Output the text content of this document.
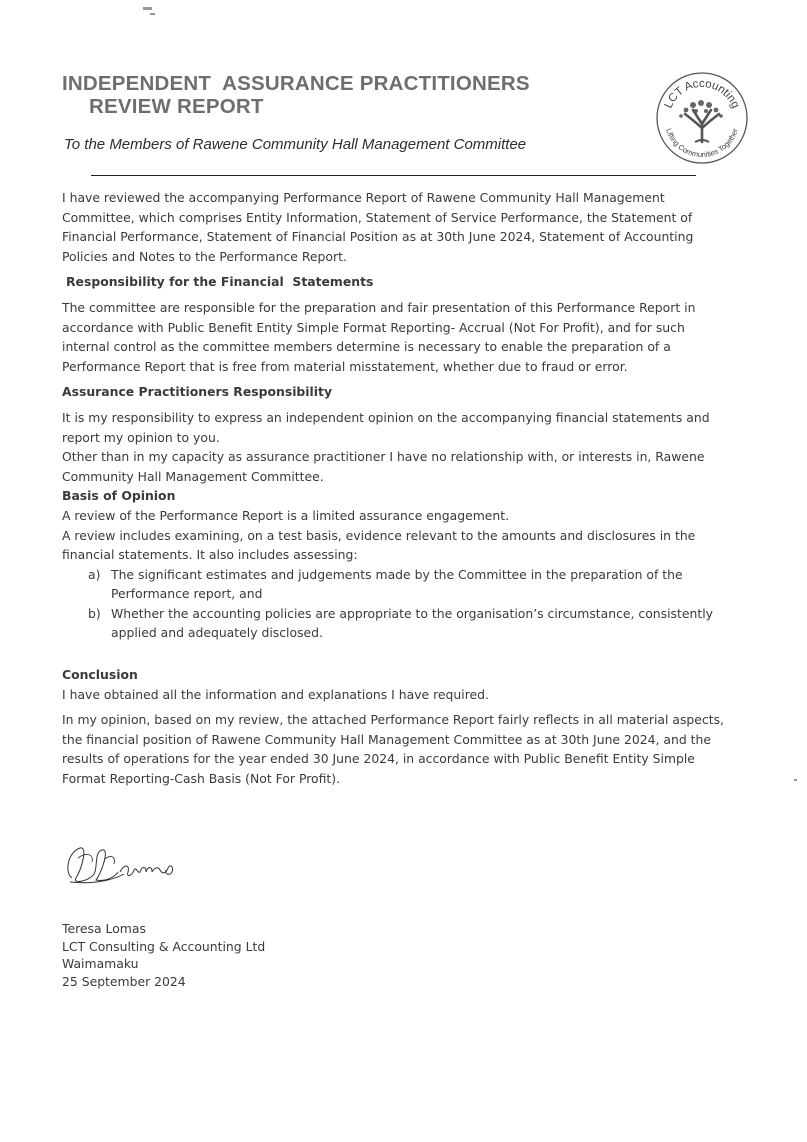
INDEPENDENT  ASSURANCE PRACTITIONERS
REVIEW REPORT

To the Members of Rawene Community Hall Management Committee

LCT Accounting
Lifting Communities Together

I have reviewed the accompanying Performance Report of Rawene Community Hall Management Committee, which comprises Entity Information, Statement of Service Performance, the Statement of Financial Performance, Statement of Financial Position as at 30th June 2024, Statement of Accounting Policies and Notes to the Performance Report.

Responsibility for the Financial  Statements

The committee are responsible for the preparation and fair presentation of this Performance Report in accordance with Public Benefit Entity Simple Format Reporting- Accrual (Not For Profit), and for such internal control as the committee members determine is necessary to enable the preparation of a Performance Report that is free from material misstatement, whether due to fraud or error.

Assurance Practitioners Responsibility

It is my responsibility to express an independent opinion on the accompanying financial statements and report my opinion to you.

Other than in my capacity as assurance practitioner I have no relationship with, or interests in, Rawene Community Hall Management Committee.

Basis of Opinion

A review of the Performance Report is a limited assurance engagement.

A review includes examining, on a test basis, evidence relevant to the amounts and disclosures in the financial statements. It also includes assessing:

a) The significant estimates and judgements made by the Committee in the preparation of the Performance report, and
b) Whether the accounting policies are appropriate to the organisation’s circumstance, consistently applied and adequately disclosed.
Conclusion

I have obtained all the information and explanations I have required.

In my opinion, based on my review, the attached Performance Report fairly reflects in all material aspects, the financial position of Rawene Community Hall Management Committee as at 30th June 2024, and the results of operations for the year ended 30 June 2024, in accordance with Public Benefit Entity Simple Format Reporting-Cash Basis (Not For Profit).

Teresa Lomas
LCT Consulting & Accounting Ltd
Waimamaku
25 September 2024
